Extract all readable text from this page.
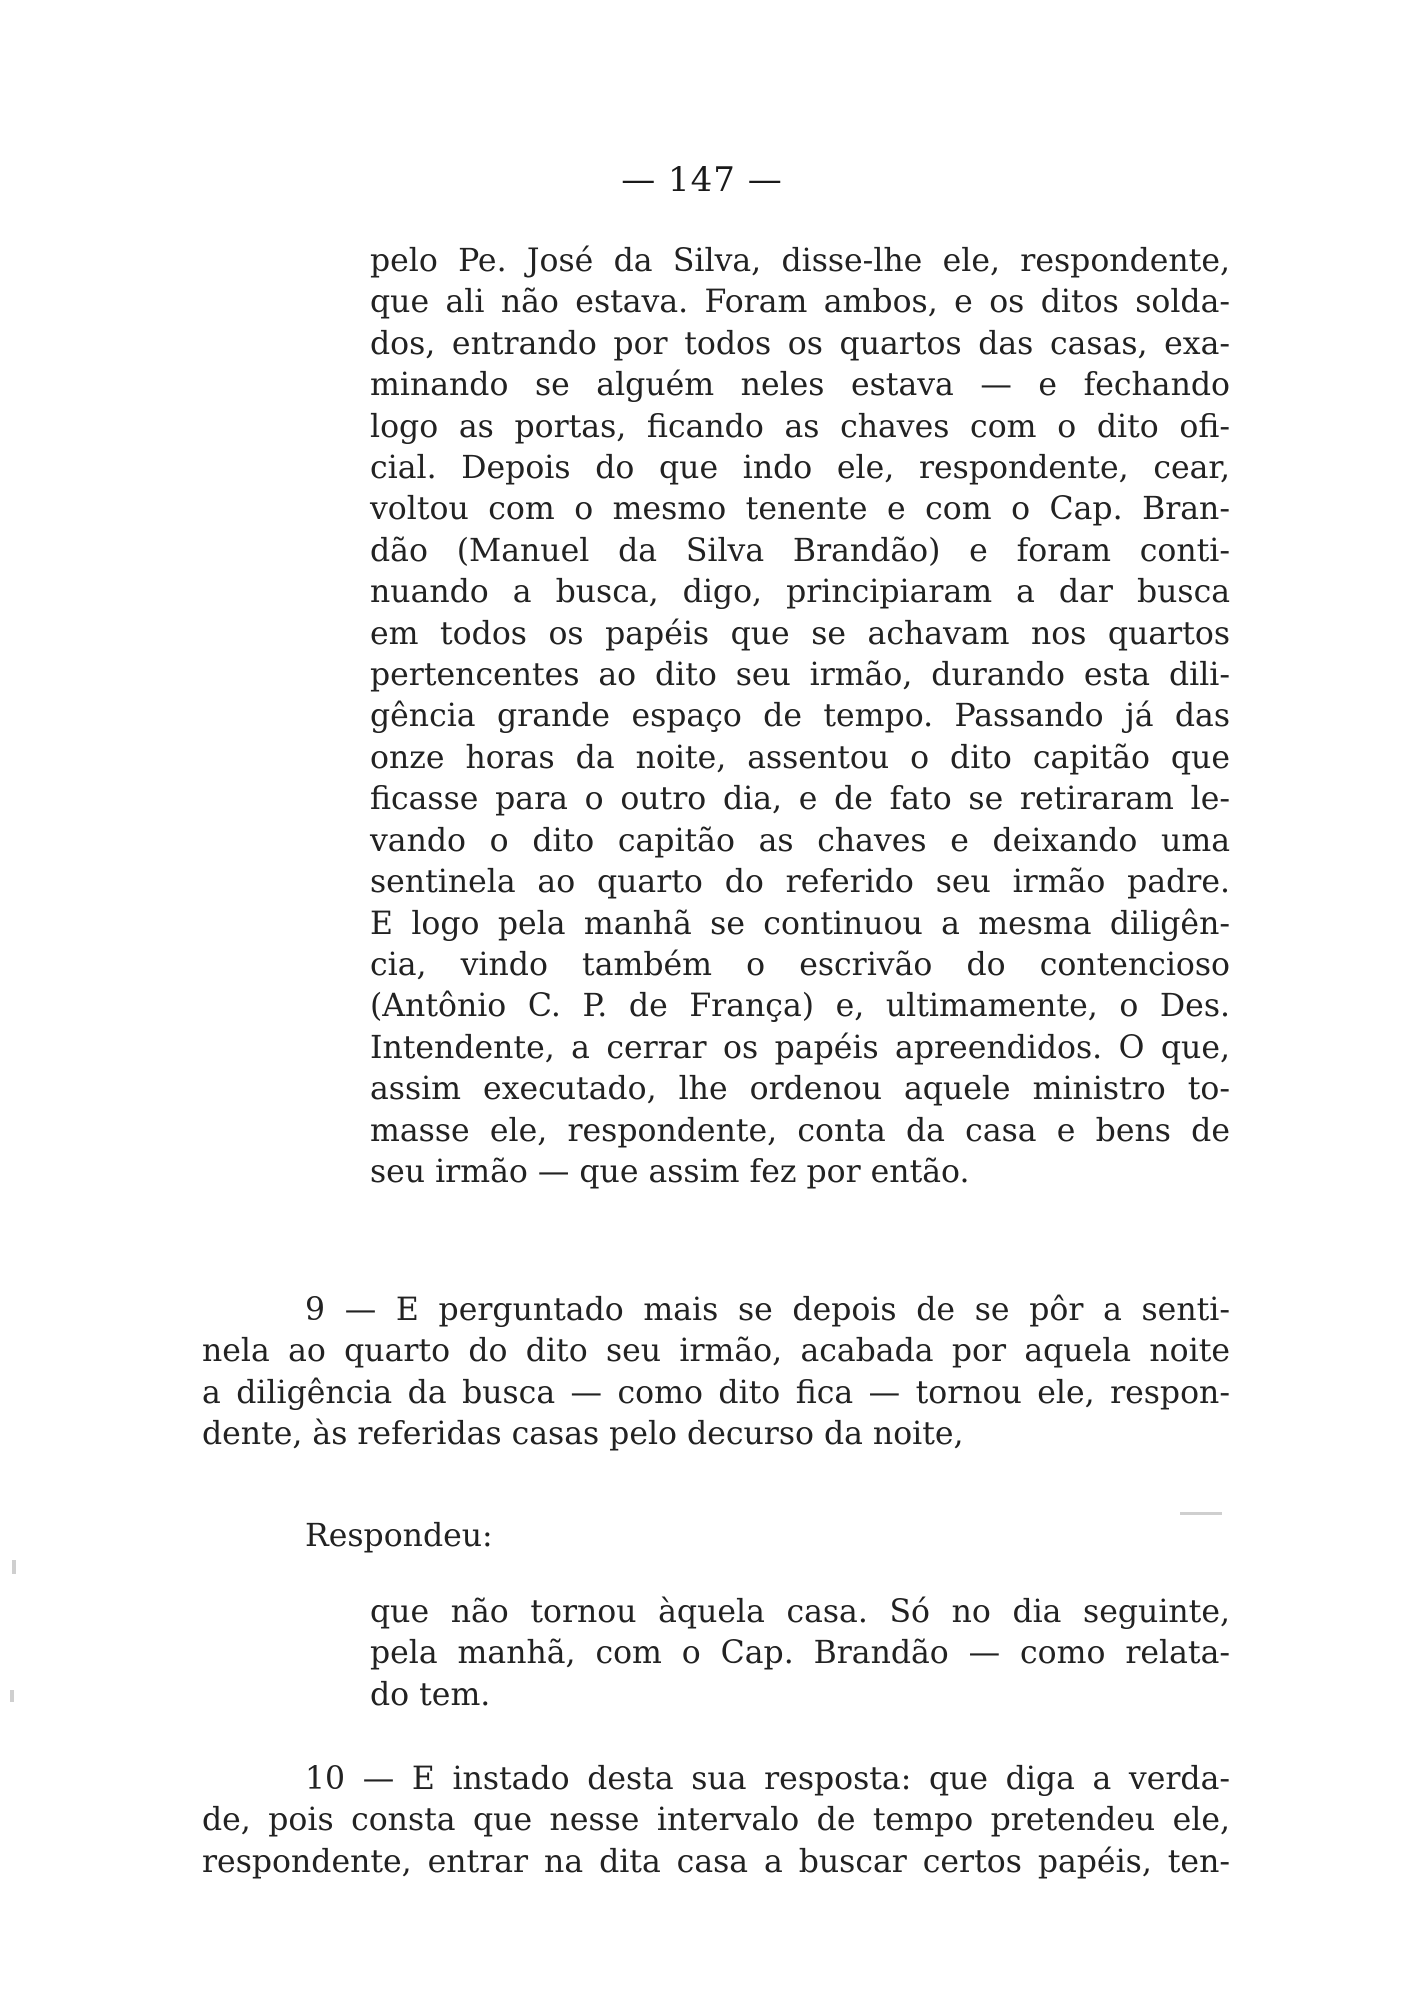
— 147 —
pelo Pe. José da Silva, disse-lhe ele, respondente,
que ali não estava. Foram ambos, e os ditos solda-
dos, entrando por todos os quartos das casas, exa-
minando se alguém neles estava — e fechando
logo as portas, ficando as chaves com o dito ofi-
cial. Depois do que indo ele, respondente, cear,
voltou com o mesmo tenente e com o Cap. Bran-
dão (Manuel da Silva Brandão) e foram conti-
nuando a busca, digo, principiaram a dar busca
em todos os papéis que se achavam nos quartos
pertencentes ao dito seu irmão, durando esta dili-
gência grande espaço de tempo. Passando já das
onze horas da noite, assentou o dito capitão que
ficasse para o outro dia, e de fato se retiraram le-
vando o dito capitão as chaves e deixando uma
sentinela ao quarto do referido seu irmão padre.
E logo pela manhã se continuou a mesma diligên-
cia, vindo também o escrivão do contencioso
(Antônio C. P. de França) e, ultimamente, o Des.
Intendente, a cerrar os papéis apreendidos. O que,
assim executado, lhe ordenou aquele ministro to-
masse ele, respondente, conta da casa e bens de
seu irmão — que assim fez por então.
9 — E perguntado mais se depois de se pôr a senti-
nela ao quarto do dito seu irmão, acabada por aquela noite
a diligência da busca — como dito fica — tornou ele, respon-
dente, às referidas casas pelo decurso da noite,
Respondeu:
que não tornou àquela casa. Só no dia seguinte,
pela manhã, com o Cap. Brandão — como relata-
do tem.
10 — E instado desta sua resposta: que diga a verda-
de, pois consta que nesse intervalo de tempo pretendeu ele,
respondente, entrar na dita casa a buscar certos papéis, ten-
